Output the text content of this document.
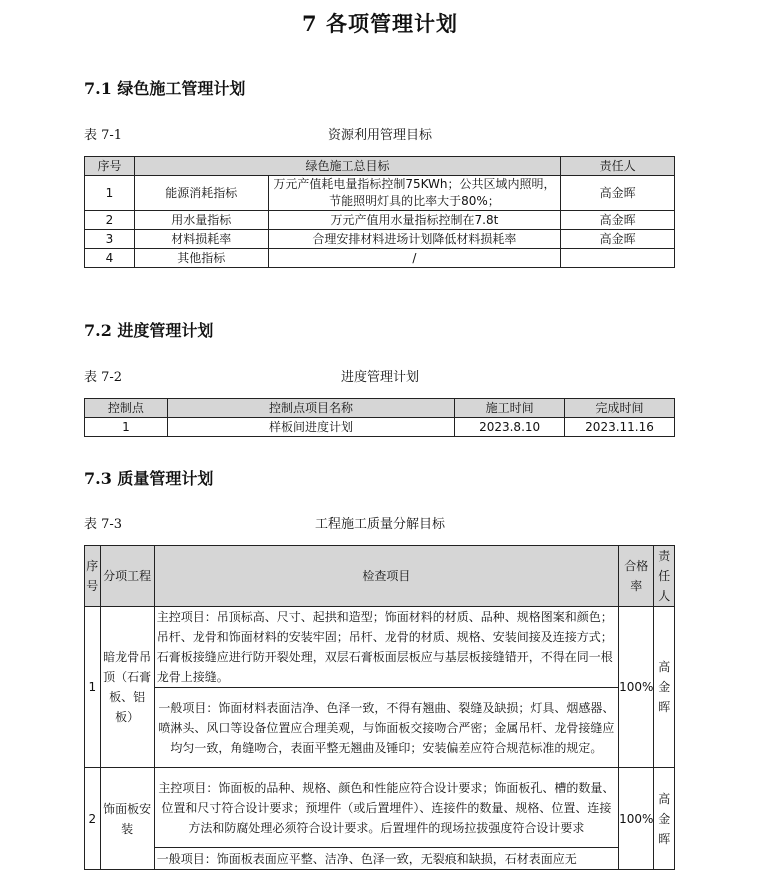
7 各项管理计划
7.1 绿色施工管理计划
表 7-1	资源利用管理目标
序号	绿色施工总目标		责任人
1	能源消耗指标	万元产值耗电量指标控制75KWh；公共区域内照明，节能照明灯具的比率大于80%；	高金晖
2	用水量指标	万元产值用水量指标控制在7.8t	高金晖
3	材料损耗率	合理安排材料进场计划降低材料损耗率	高金晖
4	其他指标	/	
7.2 进度管理计划
表 7-2	进度管理计划
控制点	控制点项目名称	施工时间	完成时间
1	样板间进度计划	2023.8.10	2023.11.16
7.3 质量管理计划
表 7-3	工程施工质量分解目标
序号	分项工程	检查项目	合格率	责任人
1	暗龙骨吊顶（石膏板、铝板）	主控项目：吊顶标高、尺寸、起拱和造型；饰面材料的材质、品种、规格图案和颜色；吊杆、龙骨和饰面材料的安装牢固；吊杆、龙骨的材质、规格、安装间接及连接方式；石膏板接缝应进行防开裂处理，双层石膏板面层板应与基层板接缝错开，不得在同一根龙骨上接缝。	100%	高金晖
		一般项目：饰面材料表面洁净、色泽一致，不得有翘曲、裂缝及缺损；灯具、烟感器、喷淋头、风口等设备位置应合理美观，与饰面板交接吻合严密；金属吊杆、龙骨接缝应均匀一致，角缝吻合，表面平整无翘曲及锤印；安装偏差应符合规范标准的规定。		
2	饰面板安装	主控项目：饰面板的品种、规格、颜色和性能应符合设计要求；饰面板孔、槽的数量、位置和尺寸符合设计要求；预埋件（或后置埋件）、连接件的数量、规格、位置、连接方法和防腐处理必须符合设计要求。后置埋件的现场拉拔强度符合设计要求	100%	高金晖
		一般项目：饰面板表面应平整、洁净、色泽一致，无裂痕和缺损，石材表面应无		
